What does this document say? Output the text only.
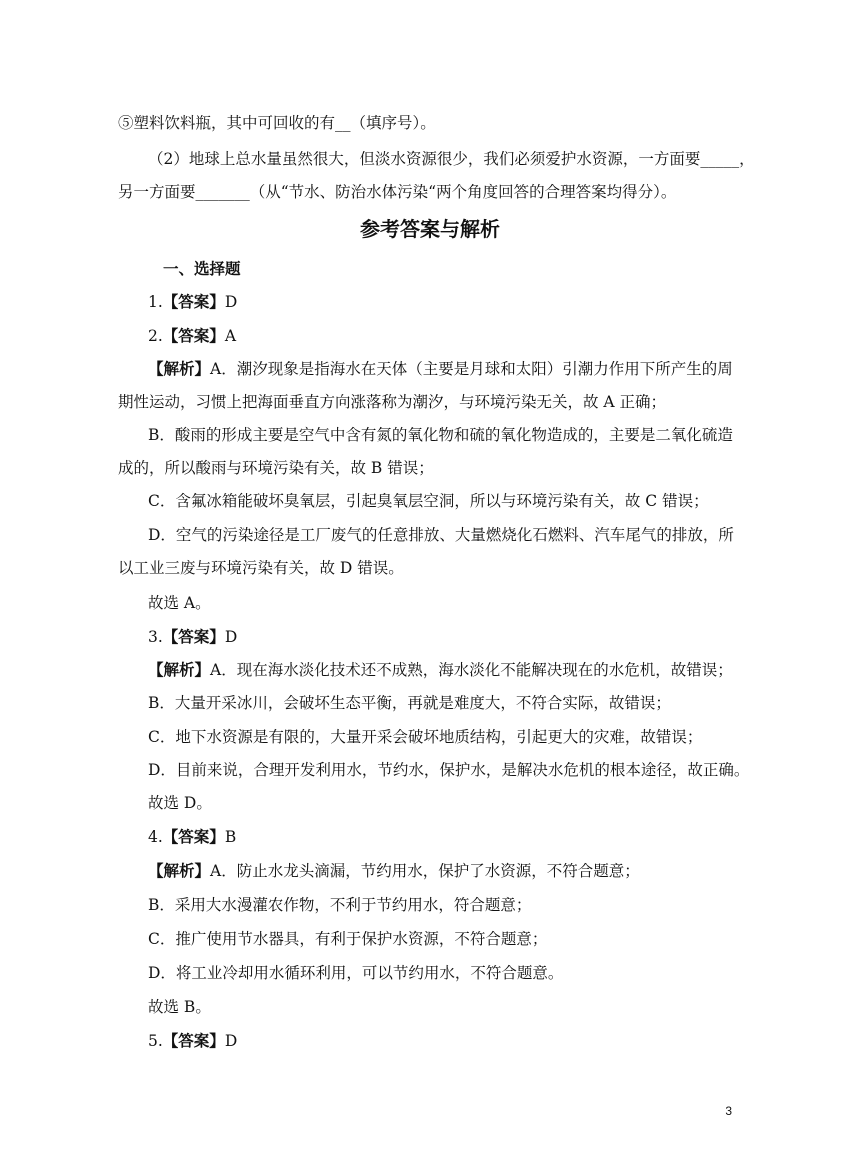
⑤塑料饮料瓶，其中可回收的有__（填序号）。
（2）地球上总水量虽然很大，但淡水资源很少，我们必须爱护水资源，一方面要_____，
另一方面要_______（从“节水、防治水体污染“两个角度回答的合理答案均得分）。
参考答案与解析
一、选择题
1.【答案】D
2.【答案】A
【解析】A．潮汐现象是指海水在天体（主要是月球和太阳）引潮力作用下所产生的周
期性运动，习惯上把海面垂直方向涨落称为潮汐，与环境污染无关，故 A 正确；
B．酸雨的形成主要是空气中含有氮的氧化物和硫的氧化物造成的，主要是二氧化硫造
成的，所以酸雨与环境污染有关，故 B 错误；
C．含氟冰箱能破坏臭氧层，引起臭氧层空洞，所以与环境污染有关，故 C 错误；
D．空气的污染途径是工厂废气的任意排放、大量燃烧化石燃料、汽车尾气的排放，所
以工业三废与环境污染有关，故 D 错误。
故选 A。
3.【答案】D
【解析】A．现在海水淡化技术还不成熟，海水淡化不能解决现在的水危机，故错误；
B．大量开采冰川，会破坏生态平衡，再就是难度大，不符合实际，故错误；
C．地下水资源是有限的，大量开采会破坏地质结构，引起更大的灾难，故错误；
D．目前来说，合理开发利用水，节约水，保护水，是解决水危机的根本途径，故正确。
故选 D。
4.【答案】B
【解析】A．防止水龙头滴漏，节约用水，保护了水资源，不符合题意；
B．采用大水漫灌农作物，不利于节约用水，符合题意；
C．推广使用节水器具，有利于保护水资源，不符合题意；
D．将工业冷却用水循环利用，可以节约用水，不符合题意。
故选 B。
5.【答案】D
3
